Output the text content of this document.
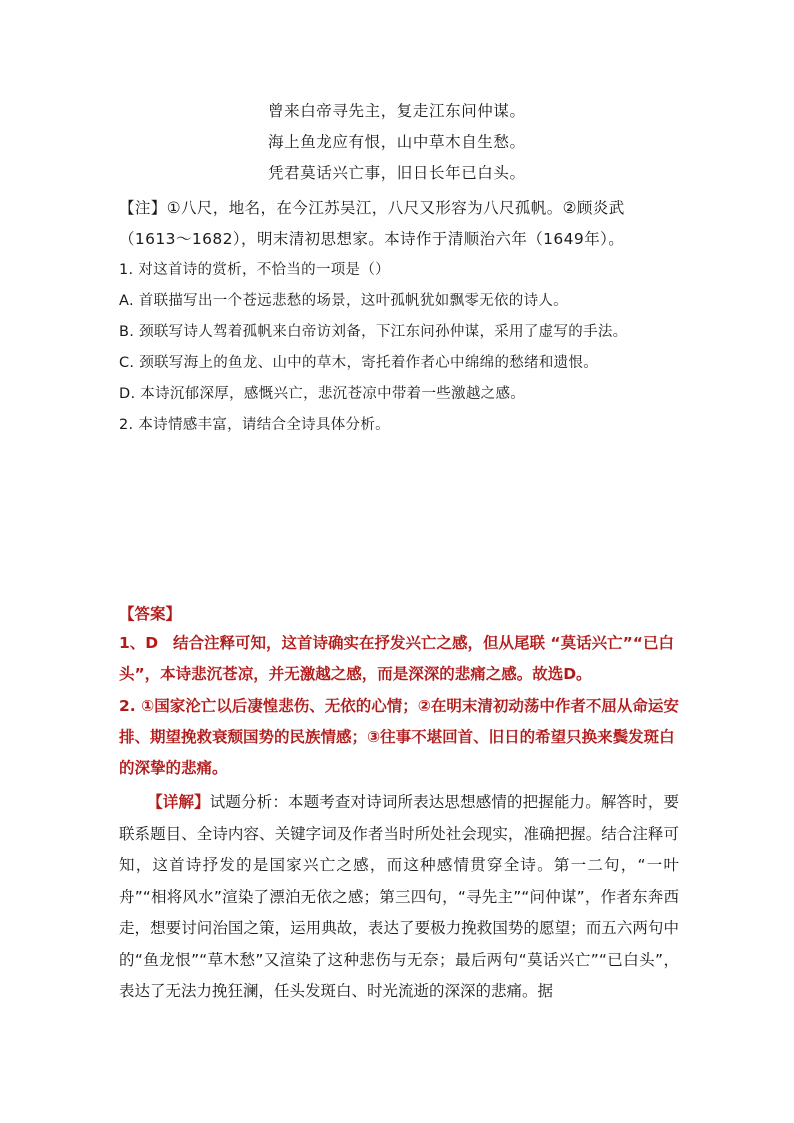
曾来白帝寻先主，复走江东问仲谋。
海上鱼龙应有恨，山中草木自生愁。
凭君莫话兴亡事，旧日长年已白头。
【注】①八尺，地名，在今江苏吴江，八尺又形容为八尺孤帆。②顾炎武（1613～1682），明末清初思想家。本诗作于清顺治六年（1649年）。
1. 对这首诗的赏析，不恰当的一项是（）
A. 首联描写出一个苍远悲愁的场景，这叶孤帆犹如飘零无依的诗人。
B. 颈联写诗人驾着孤帆来白帝访刘备，下江东问孙仲谋，采用了虚写的手法。
C. 颈联写海上的鱼龙、山中的草木，寄托着作者心中绵绵的愁绪和遗恨。
D. 本诗沉郁深厚，感慨兴亡，悲沉苍凉中带着一些激越之感。
2. 本诗情感丰富，请结合全诗具体分析。
【答案】
1、D 结合注释可知，这首诗确实在抒发兴亡之感，但从尾联 “莫话兴亡”“已白头”，本诗悲沉苍凉，并无激越之感，而是深深的悲痛之感。故选D。
2. ①国家沦亡以后凄惶悲伤、无依的心情；②在明末清初动荡中作者不屈从命运安排、期望挽救衰颓国势的民族情感；③往事不堪回首、旧日的希望只换来鬓发斑白的深挚的悲痛。
【详解】试题分析：本题考查对诗词所表达思想感情的把握能力。解答时，要联系题目、全诗内容、关键字词及作者当时所处社会现实，准确把握。结合注释可知，这首诗抒发的是国家兴亡之感，而这种感情贯穿全诗。第一二句，“一叶舟”“相将风水”渲染了漂泊无依之感；第三四句，“寻先主”“问仲谋”，作者东奔西走，想要讨问治国之策，运用典故，表达了要极力挽救国势的愿望；而五六两句中的“鱼龙恨”“草木愁”又渲染了这种悲伤与无奈；最后两句“莫话兴亡”“已白头”，表达了无法力挽狂澜，任头发斑白、时光流逝的深深的悲痛。据
